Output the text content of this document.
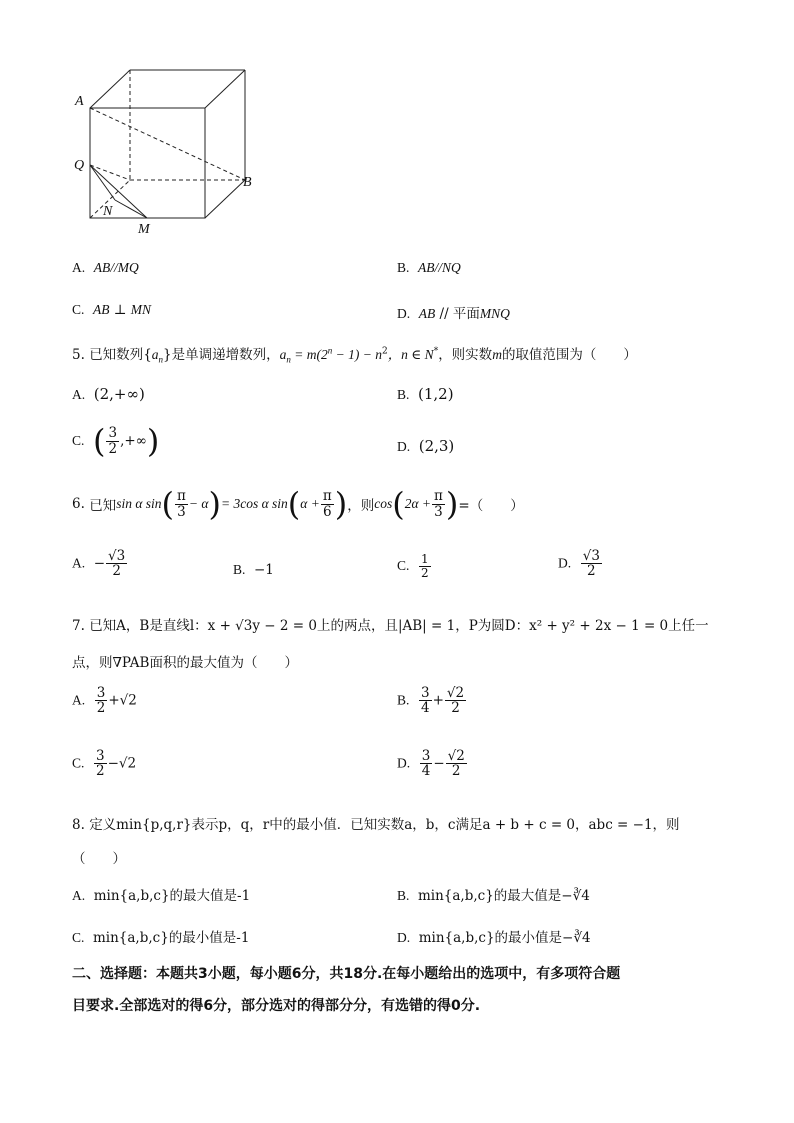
A
Q
B
N
M
A. AB//MQ	B. AB//NQ
C. AB ⊥ MN	D. AB // 平面MNQ
5. 已知数列$\{a_n\}$是单调递增数列，$a_n = m(2^n - 1) - n^2$，n ∈ N*，则实数m的取值范围为（　　）
A. (2,+∞)	B. (1,2)
C. ( $\frac{3}{2}$ ,+∞)	D. (2,3)
6. 已知sin α $\sin( \frac{\pi}{3} - \alpha)= 3\cos$ α $\sin(\alpha + \frac{\pi}{6}$ )，则$\cos(2\alpha + \frac{\pi}{3}$ )=（　　）
A. − $\frac{√3}{2}$	B. −1	C. $\frac{1}{2}$	D. $\frac{√3}{2}$
7. 已知A，B是直线l：x + √3y − 2 = 0上的两点，且|AB| = 1，P为圆D：x² + y² + 2x − 1 = 0上任一
点，则∇PAB面积的最大值为（　　）
A. $\frac{3}{2} +√2$	B. $\frac{3}{4} + \frac{√2}{2}$
C. $\frac{3}{2} -√2$	D. $\frac{3}{4} - \frac{√2}{2}$
8. 定义min{p,q,r}表示p，q，r中的最小值．已知实数a，b，c满足a + b + c = 0，abc = −1，则
（　　）
A. min{a,b,c}的最大值是-1	B. min{a,b,c}的最大值是−∛4
C. min{a,b,c}的最小值是-1	D. min{a,b,c}的最小值是−∛4
二、选择题：本题共3小题，每小题6分，共18分.在每小题给出的选项中，有多项符合题
目要求.全部选对的得6分，部分选对的得部分分，有选错的得0分.
